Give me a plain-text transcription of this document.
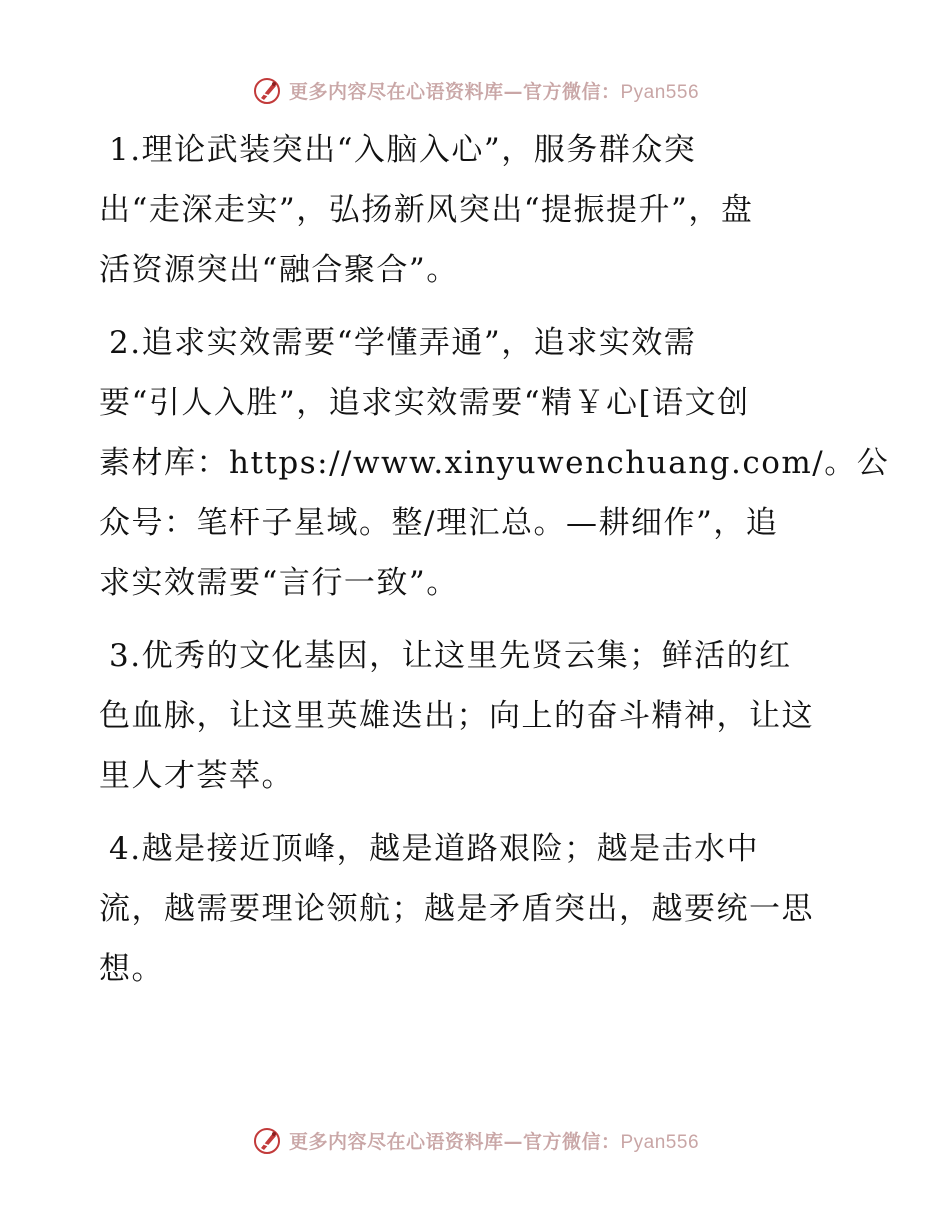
更多内容尽在心语资料库—官方微信：Pyan556

1.理论武装突出“入脑入心”，服务群众突
出“走深走实”，弘扬新风突出“提振提升”，盘
活资源突出“融合聚合”。

2.追求实效需要“学懂弄通”，追求实效需
要“引人入胜”，追求实效需要“精￥心[语文创
素材库：https://www.xinyuwenchuang.com/。公
众号：笔杆子星域。整/理汇总。—耕细作”，追
求实效需要“言行一致”。

3.优秀的文化基因，让这里先贤云集；鲜活的红
色血脉，让这里英雄迭出；向上的奋斗精神，让这
里人才荟萃。

4.越是接近顶峰，越是道路艰险；越是击水中
流，越需要理论领航；越是矛盾突出，越要统一思
想。

更多内容尽在心语资料库—官方微信：Pyan556
